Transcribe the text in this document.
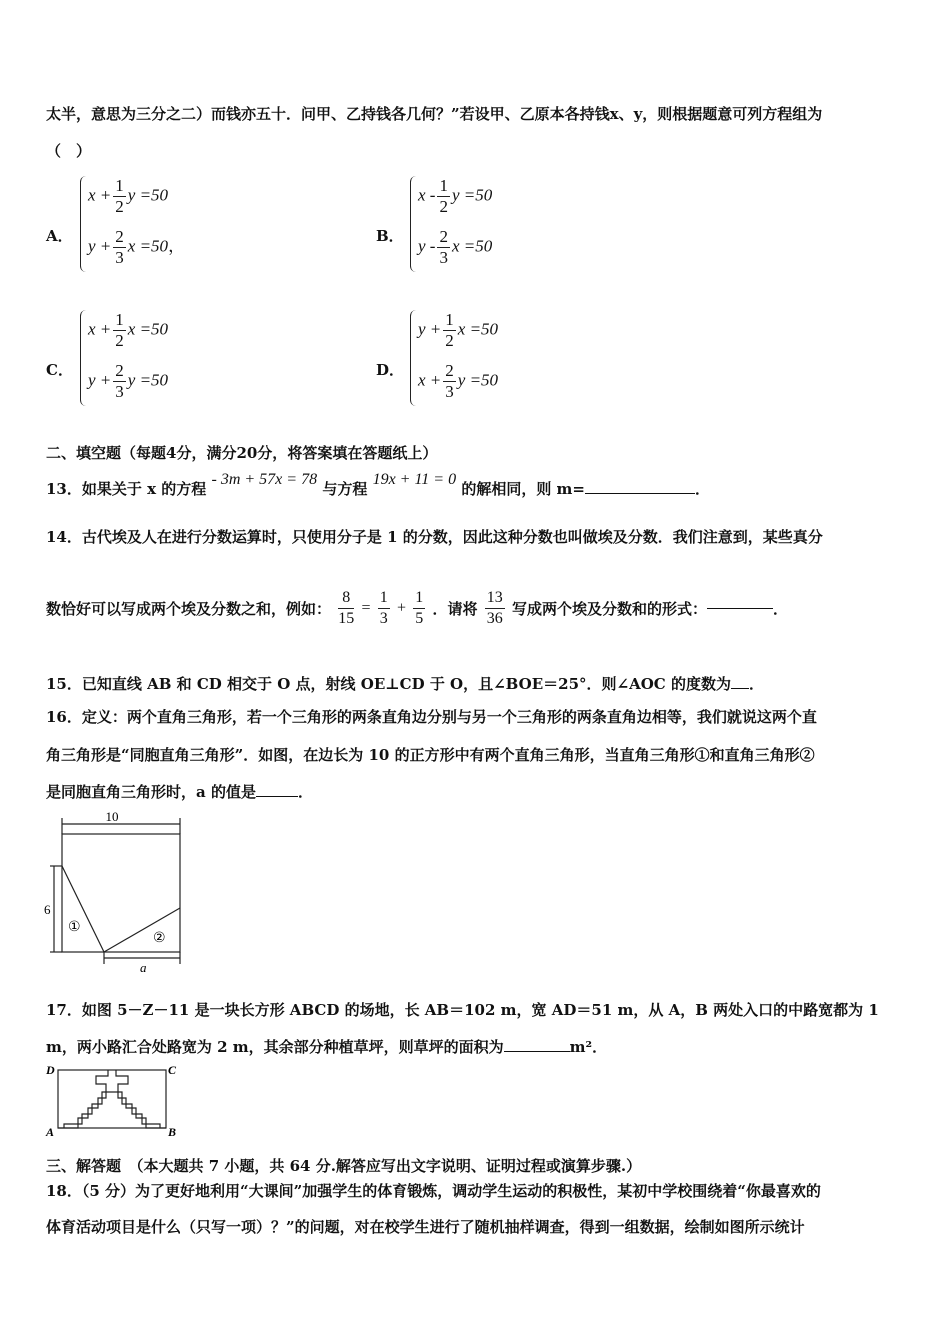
太半，意思为三分之二）而钱亦五十．问甲、乙持钱各几何？”若设甲、乙原本各持钱x、y，则根据题意可列方程组为
（　）
A．
$x + \frac{1}{2}$ y =50
$y + \frac{2}{3}$ x =50，
B．
x - $\frac{1}{2}$ y =50
y - $\frac{2}{3}$ x =50
C．
$x + \frac{1}{2}$ x =50
$y + \frac{2}{3}$ y =50
D．
$y + \frac{1}{2}$ x =50
$x + \frac{2}{3}$ y =50
二、填空题（每题4分，满分20分，将答案填在答题纸上）
13．如果关于 x 的方程 - 3m + 57x = 78 与方程 19x + 11 = 0 的解相同，则 m=	．
14．古代埃及人在进行分数运算时，只使用分子是 1 的分数，因此这种分数也叫做埃及分数．我们注意到，某些真分
数恰好可以写成两个埃及分数之和，例如： $\frac{8}{15} = \frac{1}{3} + \frac{1}{5}$ ．请将 $\frac{13}{36}$ 写成两个埃及分数和的形式：	．
15．已知直线 AB 和 CD 相交于 O 点，射线 OE⊥CD 于 O，且∠BOE＝25°．则∠AOC 的度数为 ．
16．定义：两个直角三角形，若一个三角形的两条直角边分别与另一个三角形的两条直角边相等，我们就说这两个直
角三角形是“同胞直角三角形”．如图，在边长为 10 的正方形中有两个直角三角形，当直角三角形①和直角三角形②
是同胞直角三角形时，a 的值是	．
10
6
a
①
②
17．如图 5－Z－11 是一块长方形 ABCD 的场地，长 AB＝102 m，宽 AD＝51 m，从 A，B 两处入口的中路宽都为 1
m，两小路汇合处路宽为 2 m，其余部分种植草坪，则草坪的面积为	m²．
D	C
A	B
三、解答题　（本大题共 7 小题，共 64 分.解答应写出文字说明、证明过程或演算步骤.）
18．（5 分）为了更好地利用“大课间”加强学生的体育锻炼，调动学生运动的积极性，某初中学校围绕着“你最喜欢的
体育活动项目是什么（只写一项）？”的问题，对在校学生进行了随机抽样调查，得到一组数据，绘制如图所示统计
